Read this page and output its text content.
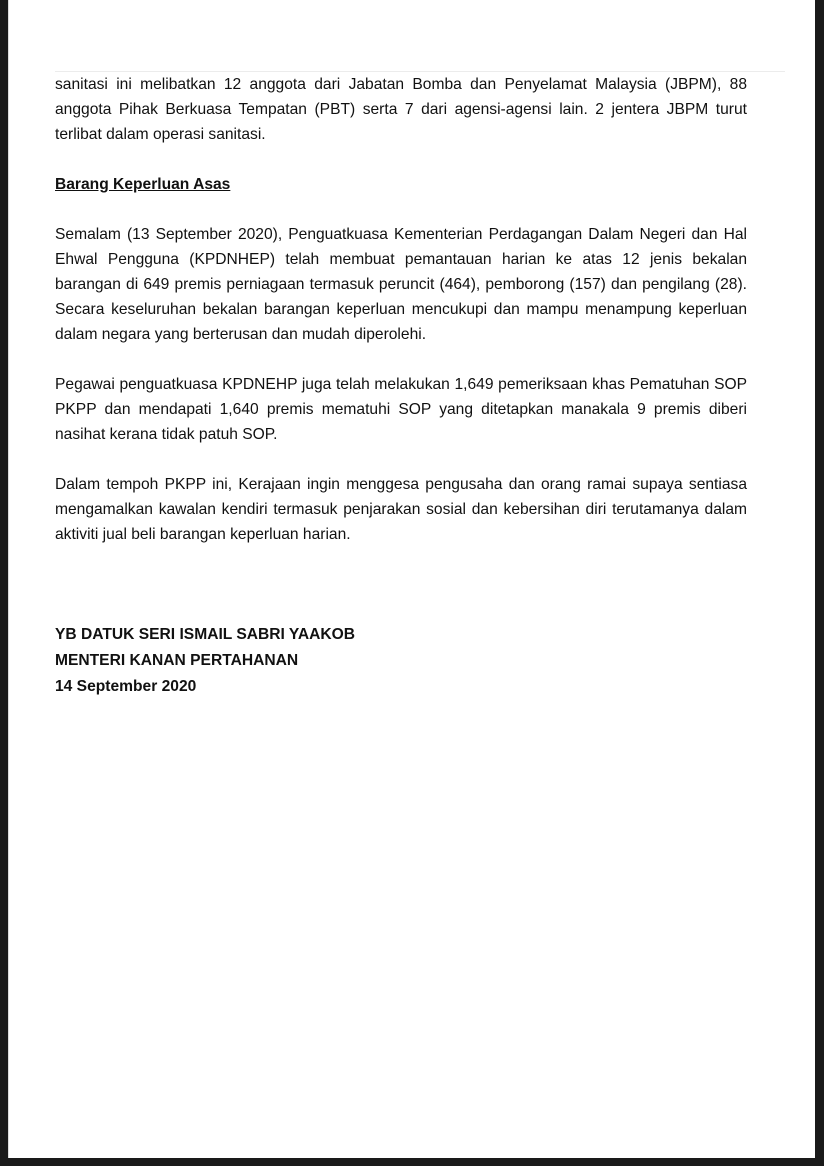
sanitasi ini melibatkan 12 anggota dari Jabatan Bomba dan Penyelamat Malaysia (JBPM), 88 anggota Pihak Berkuasa Tempatan (PBT) serta 7 dari agensi-agensi lain. 2 jentera JBPM turut terlibat dalam operasi sanitasi.

Barang Keperluan Asas

Semalam (13 September 2020), Penguatkuasa Kementerian Perdagangan Dalam Negeri dan Hal Ehwal Pengguna (KPDNHEP) telah membuat pemantauan harian ke atas 12 jenis bekalan barangan di 649 premis perniagaan termasuk peruncit (464), pemborong (157) dan pengilang (28). Secara keseluruhan bekalan barangan keperluan mencukupi dan mampu menampung keperluan dalam negara yang berterusan dan mudah diperolehi.

Pegawai penguatkuasa KPDNEHP juga telah melakukan 1,649 pemeriksaan khas Pematuhan SOP PKPP dan mendapati 1,640 premis mematuhi SOP yang ditetapkan manakala 9 premis diberi nasihat kerana tidak patuh SOP.

Dalam tempoh PKPP ini, Kerajaan ingin menggesa pengusaha dan orang ramai supaya sentiasa mengamalkan kawalan kendiri termasuk penjarakan sosial dan kebersihan diri terutamanya dalam aktiviti jual beli barangan keperluan harian.

YB DATUK SERI ISMAIL SABRI YAAKOB
MENTERI KANAN PERTAHANAN
14 September 2020
